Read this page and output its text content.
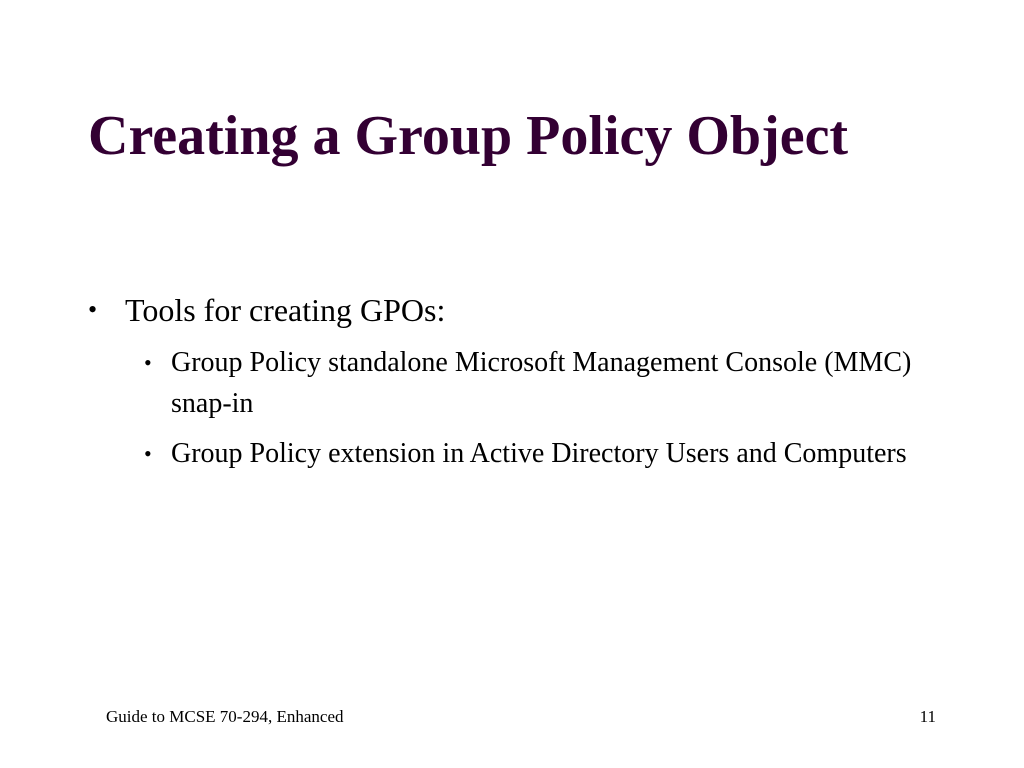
Creating a Group Policy Object
• Tools for creating GPOs:
• Group Policy standalone Microsoft Management Console (MMC) snap-in
• Group Policy extension in Active Directory Users and Computers
Guide to MCSE 70-294, Enhanced	11
